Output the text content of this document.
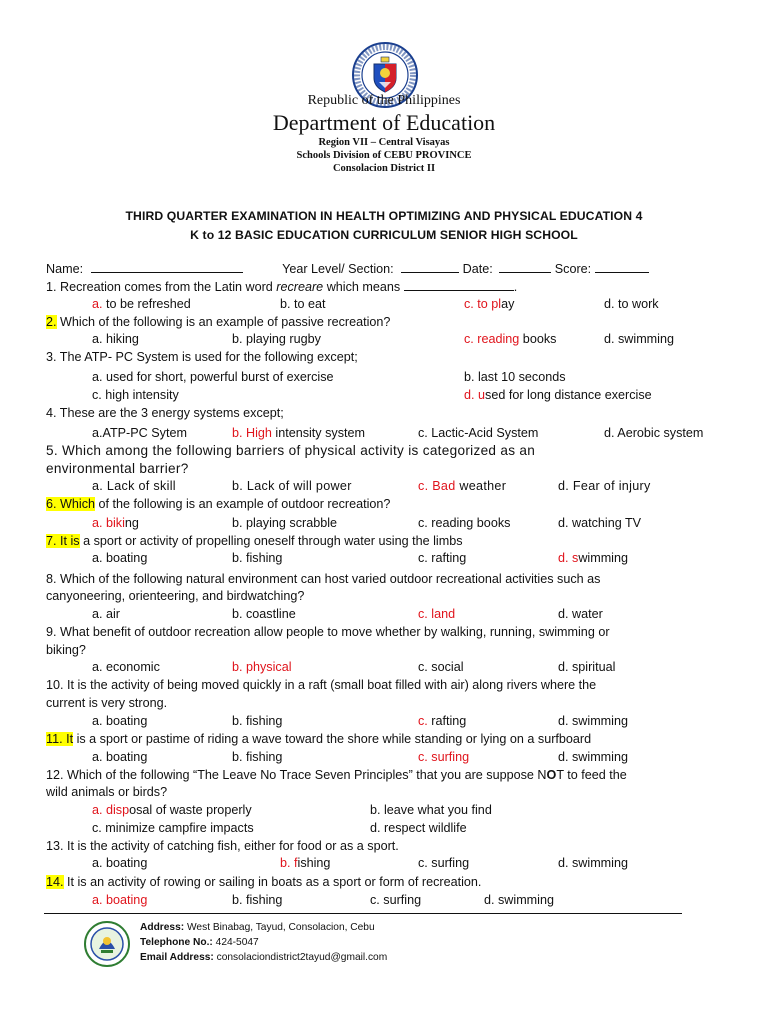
Republic of the Philippines
Department of Education
Region VII – Central Visayas
Schools Division of CEBU PROVINCE
Consolacion District II
THIRD QUARTER EXAMINATION IN HEALTH OPTIMIZING AND PHYSICAL EDUCATION 4
K to 12 BASIC EDUCATION CURRICULUM SENIOR HIGH SCHOOL
Name:	Year Level/ Section:	Date:	Score:
1. Recreation comes from the Latin word recreare which means	.
a. to be refreshed	b. to eat	c. to play	d. to work
2. Which of the following is an example of passive recreation?
a. hiking	b. playing rugby	c. reading books	d. swimming
3. The ATP- PC System is used for the following except;
a. used for short, powerful burst of exercise	b. last 10 seconds
c. high intensity	d. used for long distance exercise
4. These are the 3 energy systems except;
a.ATP-PC Sytem	b. High intensity system	c. Lactic-Acid System	d. Aerobic system
5. Which among the following barriers of physical activity is categorized as an
environmental barrier?
a. Lack of skill	b. Lack of will power	c. Bad weather	d. Fear of injury
6. Which of the following is an example of outdoor recreation?
a. biking	b. playing scrabble	c. reading books	d. watching TV
7. It is a sport or activity of propelling oneself through water using the limbs
a. boating	b. fishing	c. rafting	d. swimming
8. Which of the following natural environment can host varied outdoor recreational activities such as
canyoneering, orienteering, and birdwatching?
a. air	b. coastline	c. land	d. water
9. What benefit of outdoor recreation allow people to move whether by walking, running, swimming or
biking?
a. economic	b. physical	c. social	d. spiritual
10. It is the activity of being moved quickly in a raft (small boat filled with air) along rivers where the
current is very strong.
a. boating	b. fishing	c. rafting	d. swimming
11. It is a sport or pastime of riding a wave toward the shore while standing or lying on a surfboard
a. boating	b. fishing	c. surfing	d. swimming
12. Which of the following “The Leave No Trace Seven Principles” that you are suppose NOT to feed the
wild animals or birds?
a. disposal of waste properly	b. leave what you find
c. minimize campfire impacts	d. respect wildlife
13. It is the activity of catching fish, either for food or as a sport.
a. boating	b. fishing	c. surfing	d. swimming
14. It is an activity of rowing or sailing in boats as a sport or form of recreation.
a. boating	b. fishing	c. surfing	d. swimming
Address: West Binabag, Tayud, Consolacion, Cebu
Telephone No.: 424-5047
Email Address: consolaciondistrict2tayud@gmail.com
